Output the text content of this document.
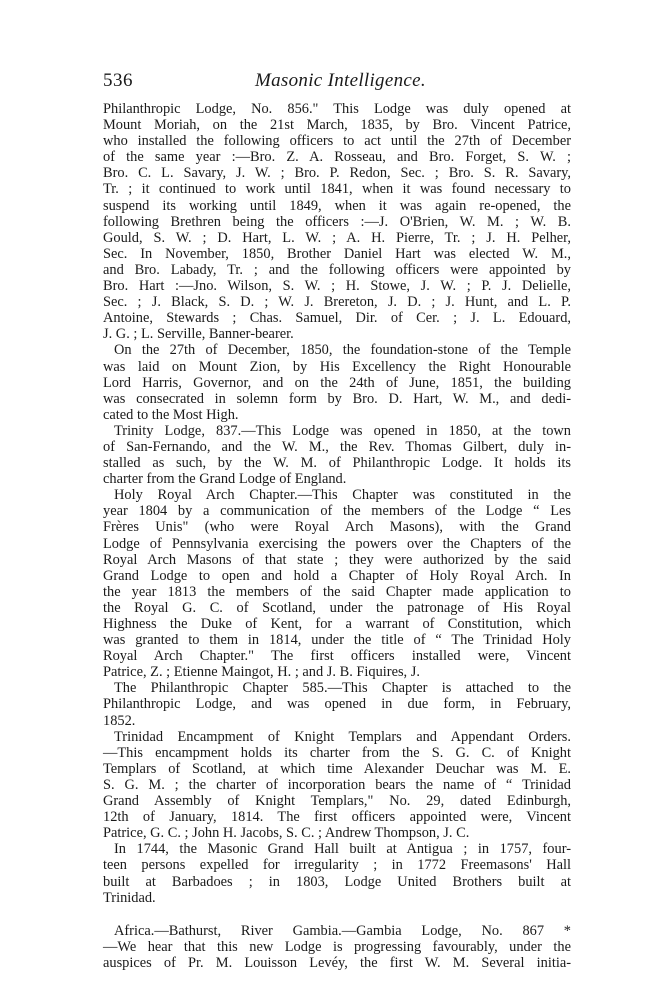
536	Masonic Intelligence.
Philanthropic Lodge, No. 856." This Lodge was duly opened at
Mount Moriah, on the 21st March, 1835, by Bro. Vincent Patrice,
who installed the following officers to act until the 27th of December
of the same year :—Bro. Z. A. Rosseau, and Bro. Forget, S. W. ;
Bro. C. L. Savary, J. W. ; Bro. P. Redon, Sec. ; Bro. S. R. Savary,
Tr. ; it continued to work until 1841, when it was found necessary to
suspend its working until 1849, when it was again re-opened, the
following Brethren being the officers :—J. O'Brien, W. M. ; W. B.
Gould, S. W. ; D. Hart, L. W. ; A. H. Pierre, Tr. ; J. H. Pelher,
Sec. In November, 1850, Brother Daniel Hart was elected W. M.,
and Bro. Labady, Tr. ; and the following officers were appointed by
Bro. Hart :—Jno. Wilson, S. W. ; H. Stowe, J. W. ; P. J. Delielle,
Sec. ; J. Black, S. D. ; W. J. Brereton, J. D. ; J. Hunt, and L. P.
Antoine, Stewards ; Chas. Samuel, Dir. of Cer. ; J. L. Edouard,
J. G. ; L. Serville, Banner-bearer.
On the 27th of December, 1850, the foundation-stone of the Temple
was laid on Mount Zion, by His Excellency the Right Honourable
Lord Harris, Governor, and on the 24th of June, 1851, the building
was consecrated in solemn form by Bro. D. Hart, W. M., and dedi-
cated to the Most High.
Trinity Lodge, 837.—This Lodge was opened in 1850, at the town
of San-Fernando, and the W. M., the Rev. Thomas Gilbert, duly in-
stalled as such, by the W. M. of Philanthropic Lodge. It holds its
charter from the Grand Lodge of England.
Holy Royal Arch Chapter.—This Chapter was constituted in the
year 1804 by a communication of the members of the Lodge “ Les
Frères Unis" (who were Royal Arch Masons), with the Grand
Lodge of Pennsylvania exercising the powers over the Chapters of the
Royal Arch Masons of that state ; they were authorized by the said
Grand Lodge to open and hold a Chapter of Holy Royal Arch. In
the year 1813 the members of the said Chapter made application to
the Royal G. C. of Scotland, under the patronage of His Royal
Highness the Duke of Kent, for a warrant of Constitution, which
was granted to them in 1814, under the title of “ The Trinidad Holy
Royal Arch Chapter." The first officers installed were, Vincent
Patrice, Z. ; Etienne Maingot, H. ; and J. B. Fiquires, J.
The Philanthropic Chapter 585.—This Chapter is attached to the
Philanthropic Lodge, and was opened in due form, in February,
1852.
Trinidad Encampment of Knight Templars and Appendant Orders.
—This encampment holds its charter from the S. G. C. of Knight
Templars of Scotland, at which time Alexander Deuchar was M. E.
S. G. M. ; the charter of incorporation bears the name of “ Trinidad
Grand Assembly of Knight Templars," No. 29, dated Edinburgh,
12th of January, 1814. The first officers appointed were, Vincent
Patrice, G. C. ; John H. Jacobs, S. C. ; Andrew Thompson, J. C.
In 1744, the Masonic Grand Hall built at Antigua ; in 1757, four-
teen persons expelled for irregularity ; in 1772 Freemasons' Hall
built at Barbadoes ; in 1803, Lodge United Brothers built at
Trinidad.
Africa.—Bathurst, River Gambia.—Gambia Lodge, No. 867 *
—We hear that this new Lodge is progressing favourably, under the
auspices of Pr. M. Louisson Levéy, the first W. M. Several initia-
